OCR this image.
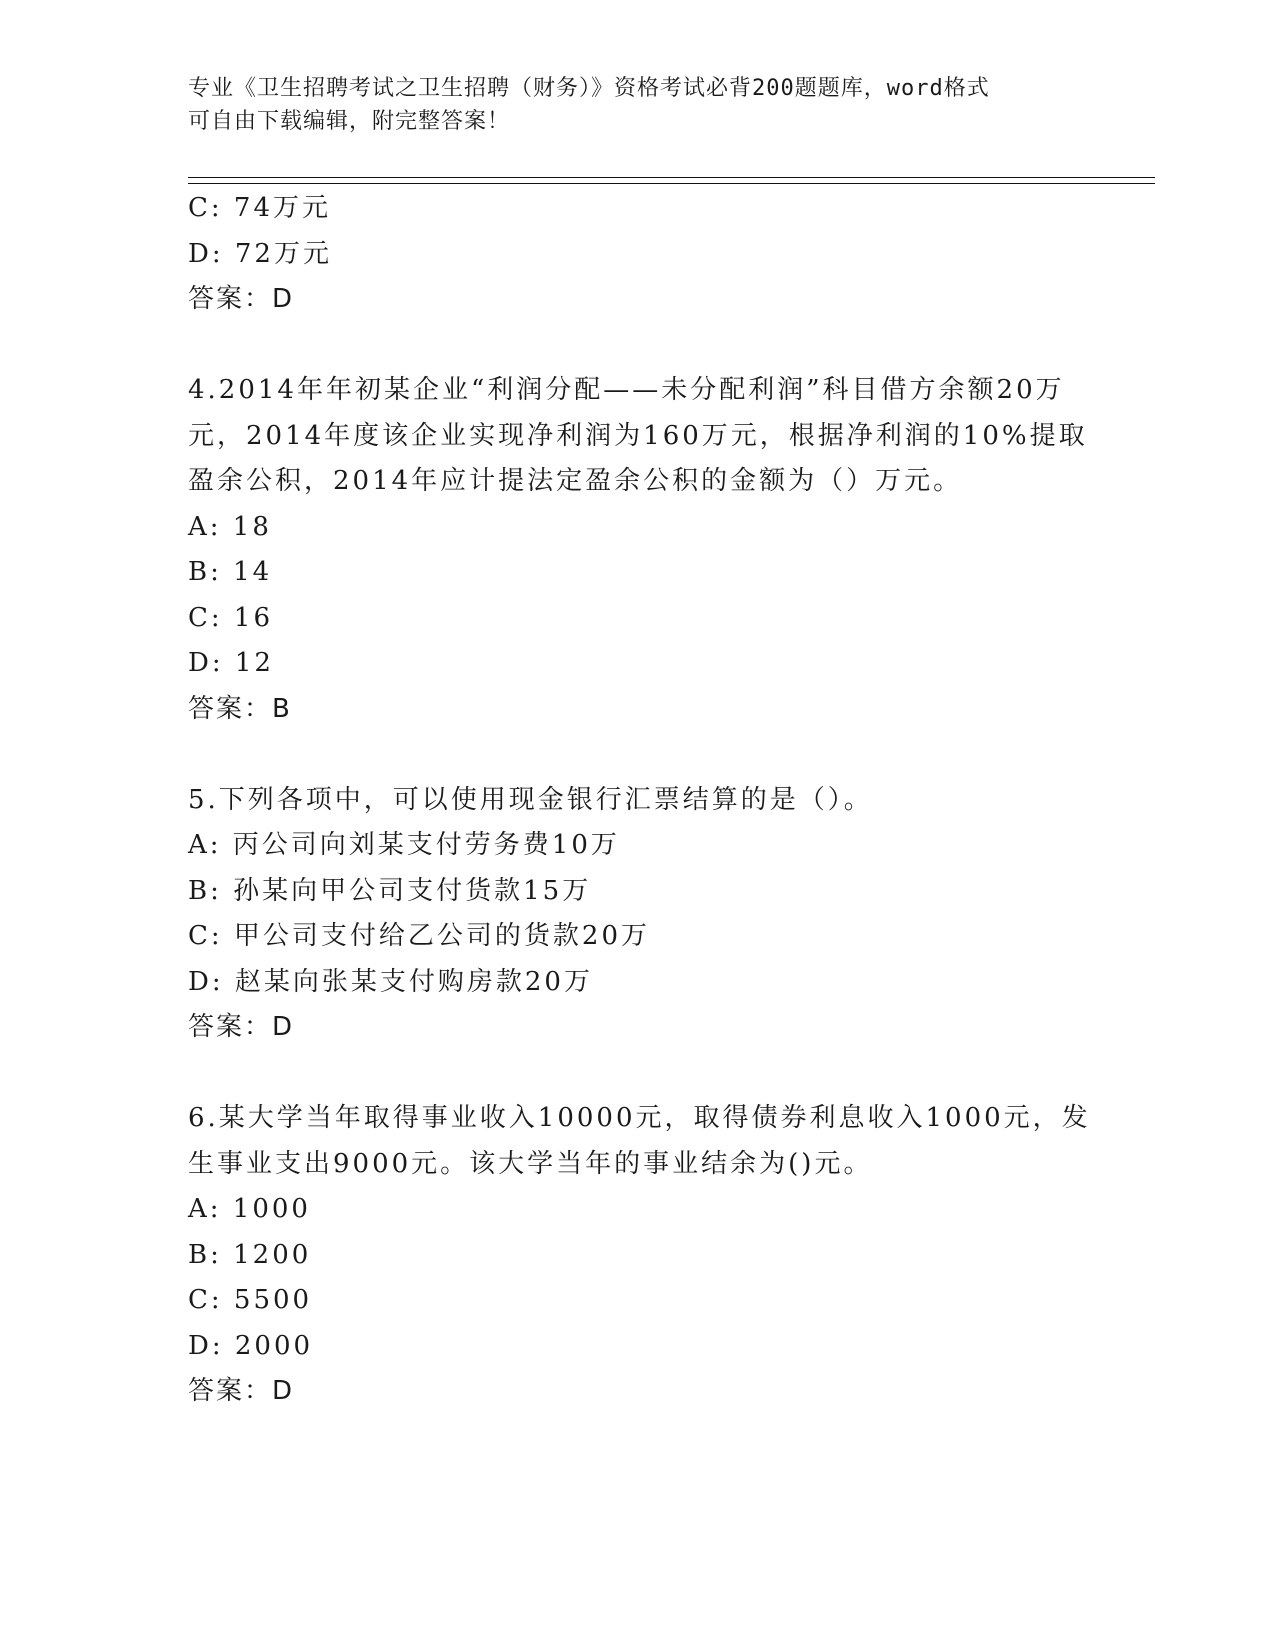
专业《卫生招聘考试之卫生招聘（财务）》资格考试必背200题题库，word格式
可自由下载编辑，附完整答案！
C: 74万元
D: 72万元
答案：D
4.2014年年初某企业“利润分配——未分配利润”科目借方余额20万
元，2014年度该企业实现净利润为160万元，根据净利润的10%提取
盈余公积，2014年应计提法定盈余公积的金额为（）万元。
A: 18
B: 14
C: 16
D: 12
答案：B
5.下列各项中，可以使用现金银行汇票结算的是（）。
A: 丙公司向刘某支付劳务费10万
B: 孙某向甲公司支付货款15万
C: 甲公司支付给乙公司的货款20万
D: 赵某向张某支付购房款20万
答案：D
6.某大学当年取得事业收入10000元，取得债券利息收入1000元，发
生事业支出9000元。该大学当年的事业结余为()元。
A: 1000
B: 1200
C: 5500
D: 2000
答案：D
